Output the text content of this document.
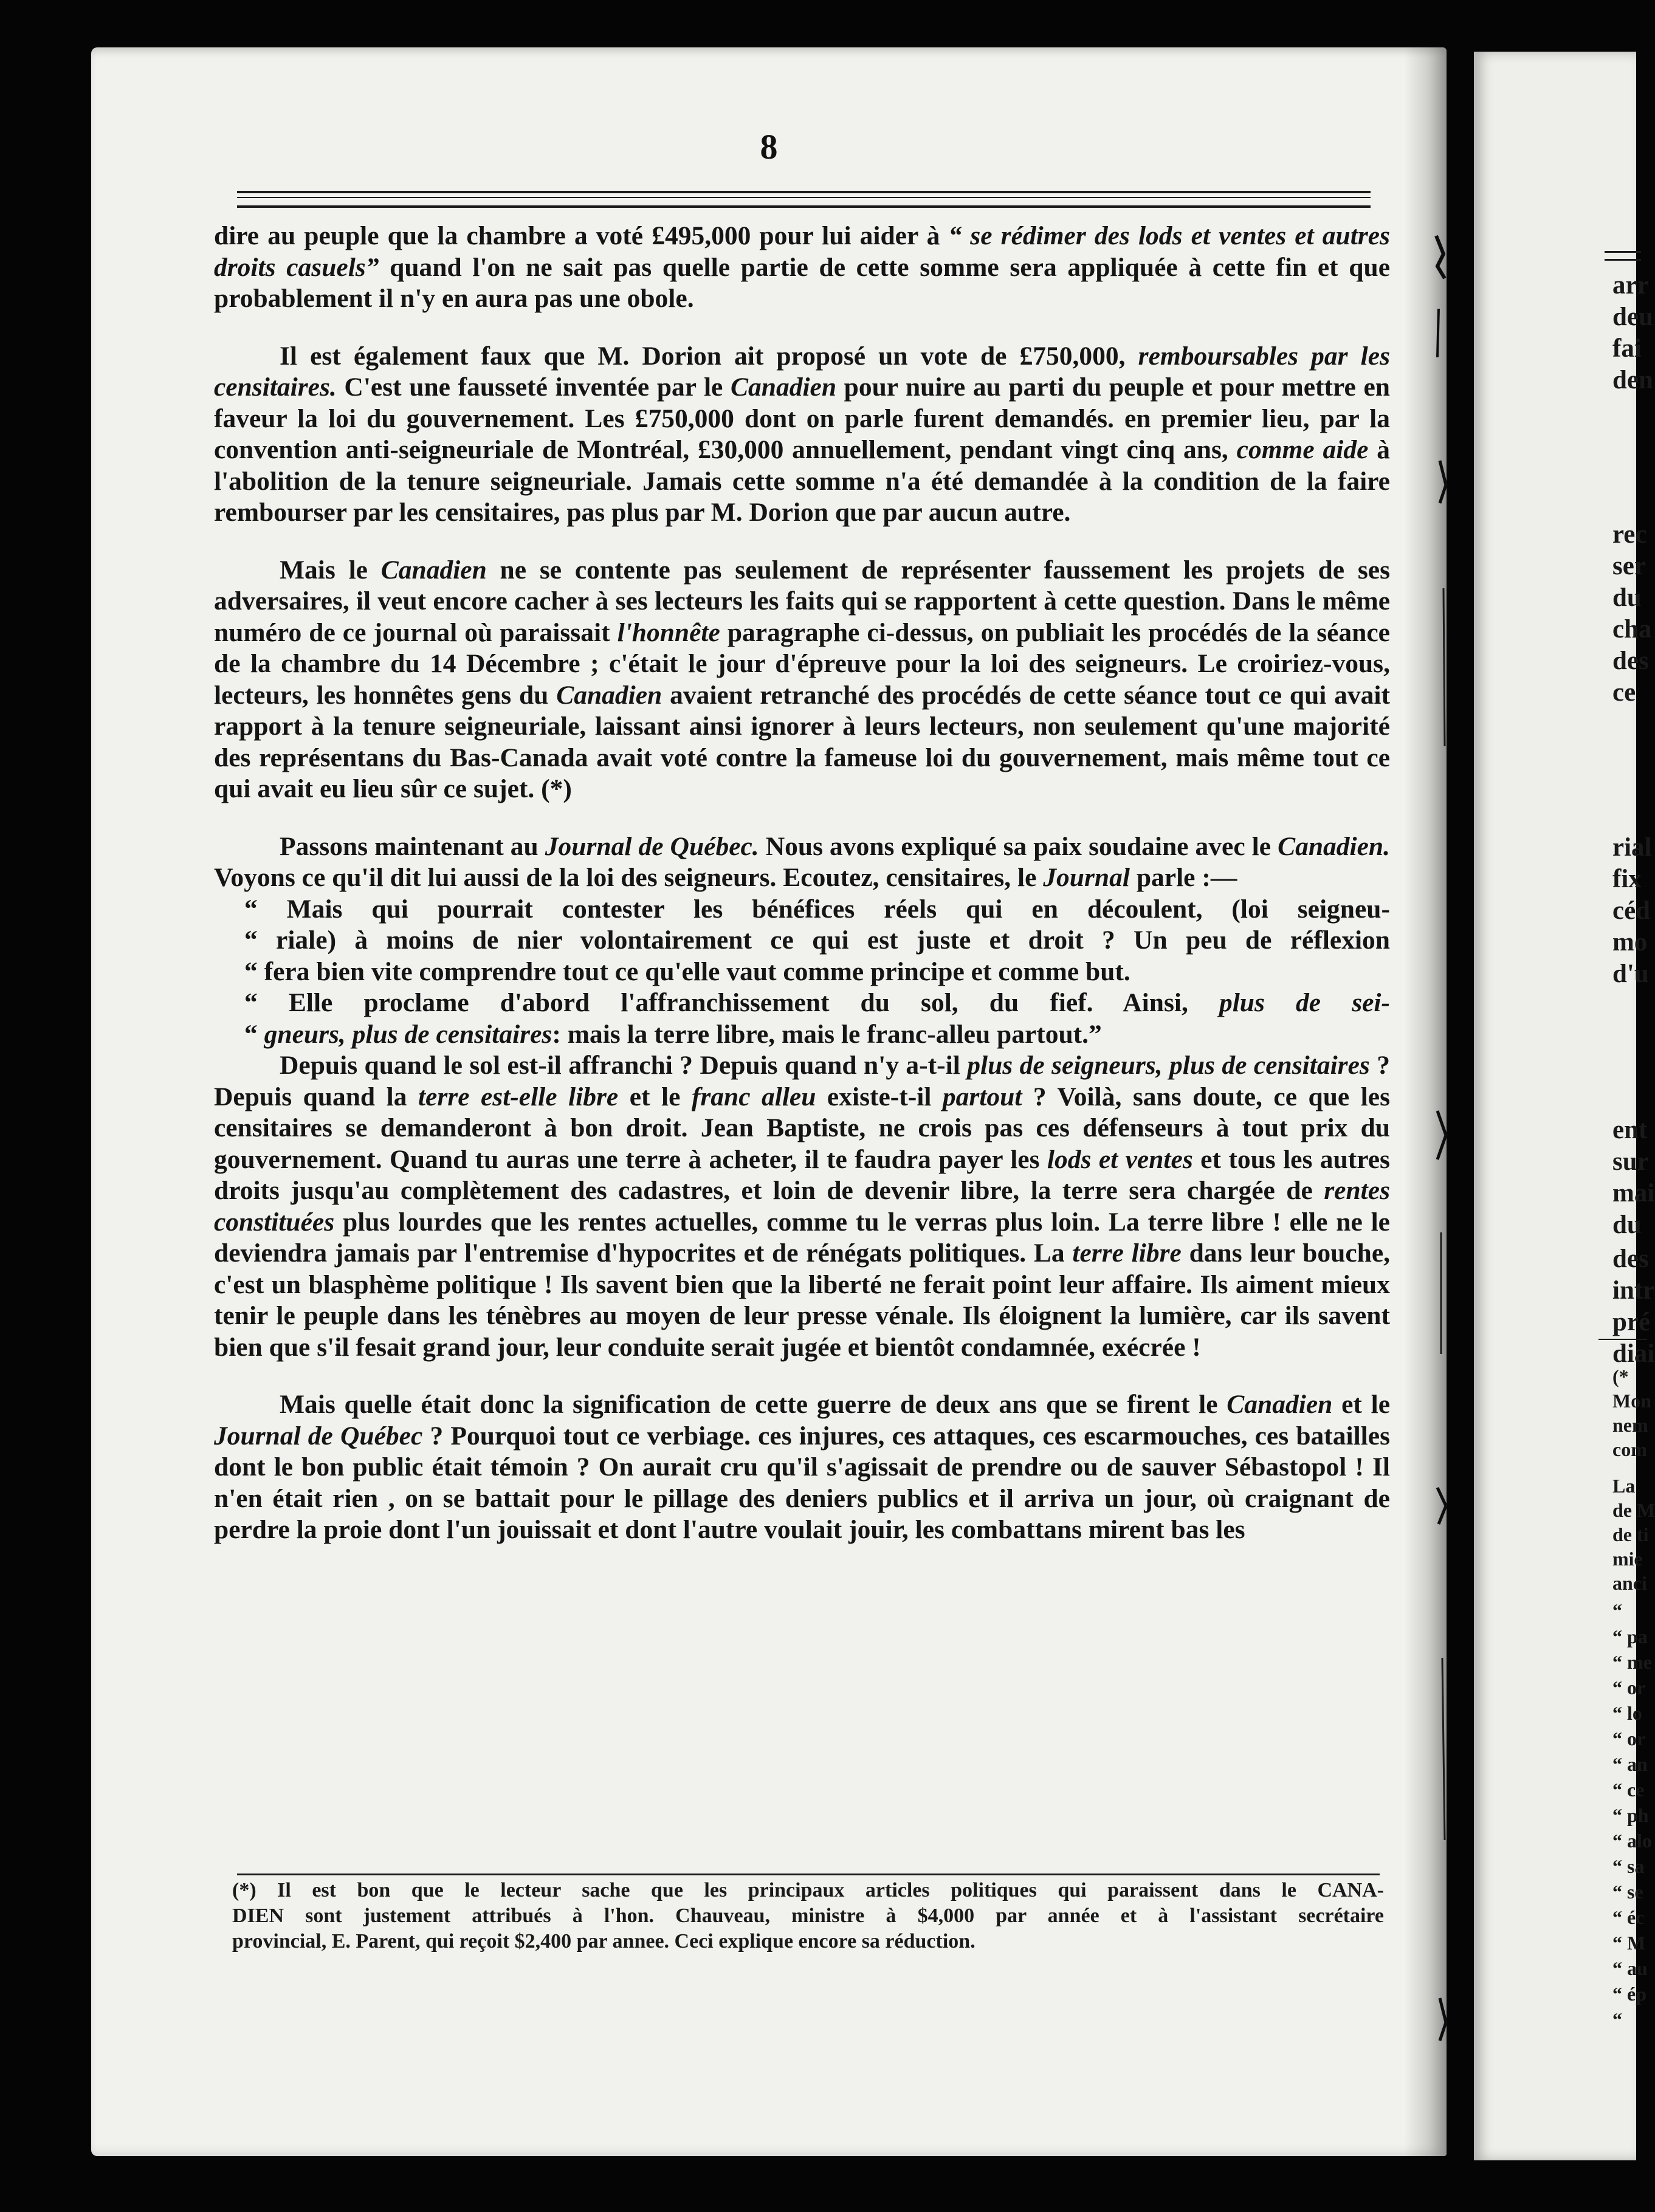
8

dire au peuple que la chambre a voté £495,000 pour lui aider à “ se rédimer des lods et ventes et autres droits casuels” quand l'on ne sait pas quelle partie de cette somme sera appliquée à cette fin et que probablement il n'y en aura pas une obole.

Il est également faux que M. Dorion ait proposé un vote de £750,000, remboursables par les censitaires. C'est une fausseté inventée par le Canadien pour nuire au parti du peuple et pour mettre en faveur la loi du gouvernement. Les £750,000 dont on parle furent demandés. en premier lieu, par la convention anti-seigneuriale de Montréal, £30,000 annuellement, pendant vingt cinq ans, comme aide à l'abolition de la tenure seigneuriale. Jamais cette somme n'a été demandée à la condition de la faire rembourser par les censitaires, pas plus par M. Dorion que par aucun autre.

Mais le Canadien ne se contente pas seulement de représenter faussement les projets de ses adversaires, il veut encore cacher à ses lecteurs les faits qui se rapportent à cette question. Dans le même numéro de ce journal où paraissait l'honnête paragraphe ci-dessus, on publiait les procédés de la séance de la chambre du 14 Décembre ; c'était le jour d'épreuve pour la loi des seigneurs. Le croiriez-vous, lecteurs, les honnêtes gens du Canadien avaient retranché des procédés de cette séance tout ce qui avait rapport à la tenure seigneuriale, laissant ainsi ignorer à leurs lecteurs, non seulement qu'une majorité des représentans du Bas-Canada avait voté contre la fameuse loi du gouvernement, mais même tout ce qui avait eu lieu sûr ce sujet. (*)

Passons maintenant au Journal de Québec. Nous avons expliqué sa paix soudaine avec le Canadien. Voyons ce qu'il dit lui aussi de la loi des seigneurs. Ecoutez, censitaires, le Journal parle :—

“ Mais qui pourrait contester les bénéfices réels qui en découlent, (loi seigneu-
“ riale) à moins de nier volontairement ce qui est juste et droit ? Un peu de réflexion
“ fera bien vite comprendre tout ce qu'elle vaut comme principe et comme but.
“ Elle proclame d'abord l'affranchissement du sol, du fief. Ainsi, plus de sei-
“ gneurs, plus de censitaires: mais la terre libre, mais le franc-alleu partout.”

Depuis quand le sol est-il affranchi ? Depuis quand n'y a-t-il plus de seigneurs, plus de censitaires ? Depuis quand la terre est-elle libre et le franc alleu existe-t-il partout ? Voilà, sans doute, ce que les censitaires se demanderont à bon droit. Jean Baptiste, ne crois pas ces défenseurs à tout prix du gouvernement. Quand tu auras une terre à acheter, il te faudra payer les lods et ventes et tous les autres droits jusqu'au complètement des cadastres, et loin de devenir libre, la terre sera chargée de rentes constituées plus lourdes que les rentes actuelles, comme tu le verras plus loin. La terre libre ! elle ne le deviendra jamais par l'entremise d'hypocrites et de rénégats politiques. La terre libre dans leur bouche, c'est un blasphème politique ! Ils savent bien que la liberté ne ferait point leur affaire. Ils aiment mieux tenir le peuple dans les ténèbres au moyen de leur presse vénale. Ils éloignent la lumière, car ils savent bien que s'il fesait grand jour, leur conduite serait jugée et bientôt condamnée, exécrée !

Mais quelle était donc la signification de cette guerre de deux ans que se firent le Canadien et le Journal de Québec ? Pourquoi tout ce verbiage. ces injures, ces attaques, ces escarmouches, ces batailles dont le bon public était témoin ? On aurait cru qu'il s'agissait de prendre ou de sauver Sébastopol ! Il n'en était rien , on se battait pour le pillage des deniers publics et il arriva un jour, où craignant de perdre la proie dont l'un jouissait et dont l'autre voulait jouir, les combattans mirent bas les

(*) Il est bon que le lecteur sache que les principaux articles politiques qui paraissent dans le CANA-
DIEN sont justement attribués à l'hon. Chauveau, ministre à $4,000 par année et à l'assistant secrétaire
provincial, E. Parent, qui reçoit $2,400 par annee. Ceci explique encore sa réduction.
arr
deu
fai
den
rec
ser
du
cha
des
ce
rial
fix
céd
mo
d'u
ent
sur
mai
du
des
intr
pré
diai
(*
Mon
nem
com
La
de M
de ti
mie
anci
“
“ pa
“ me
“ or
“ lo
“ or
“ an
“ ce
“ ph
“ alo
“ sa
“ se
“ éc
“ M
“ au
“ ép
“
